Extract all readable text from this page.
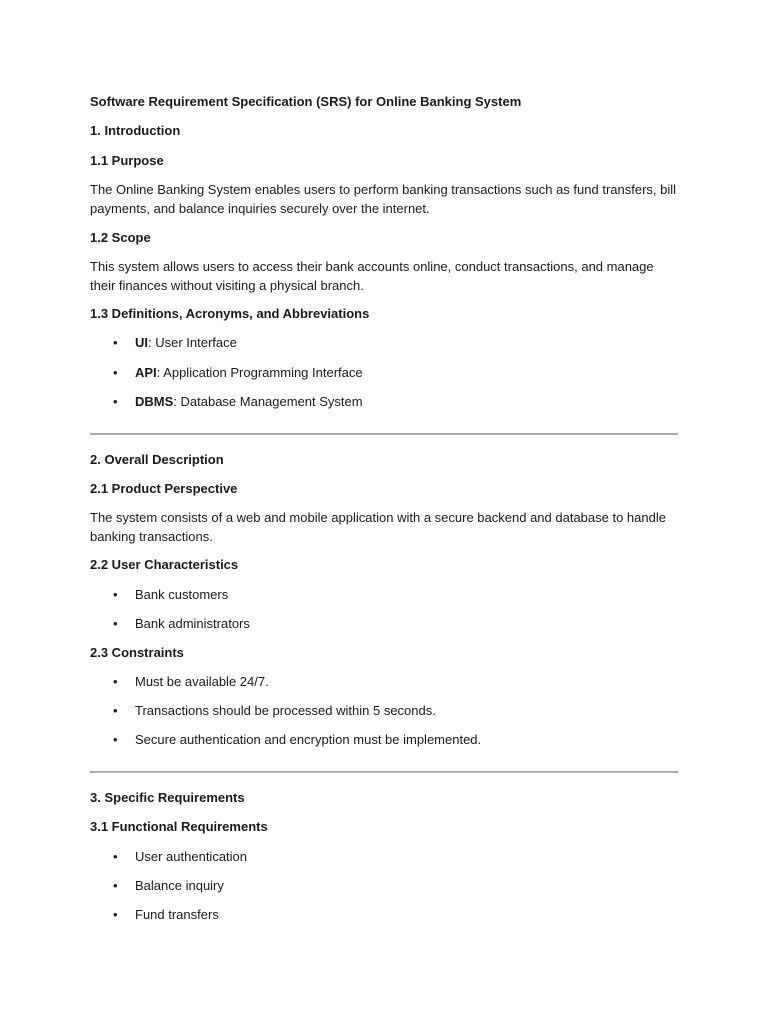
Software Requirement Specification (SRS) for Online Banking System

1. Introduction

1.1 Purpose

The Online Banking System enables users to perform banking transactions such as fund transfers, bill payments, and balance inquiries securely over the internet.

1.2 Scope

This system allows users to access their bank accounts online, conduct transactions, and manage their finances without visiting a physical branch.

1.3 Definitions, Acronyms, and Abbreviations

•	UI: User Interface
•	API: Application Programming Interface
•	DBMS: Database Management System

2. Overall Description

2.1 Product Perspective

The system consists of a web and mobile application with a secure backend and database to handle banking transactions.

2.2 User Characteristics

•	Bank customers
•	Bank administrators

2.3 Constraints

•	Must be available 24/7.
•	Transactions should be processed within 5 seconds.
•	Secure authentication and encryption must be implemented.

3. Specific Requirements

3.1 Functional Requirements

•	User authentication
•	Balance inquiry
•	Fund transfers
